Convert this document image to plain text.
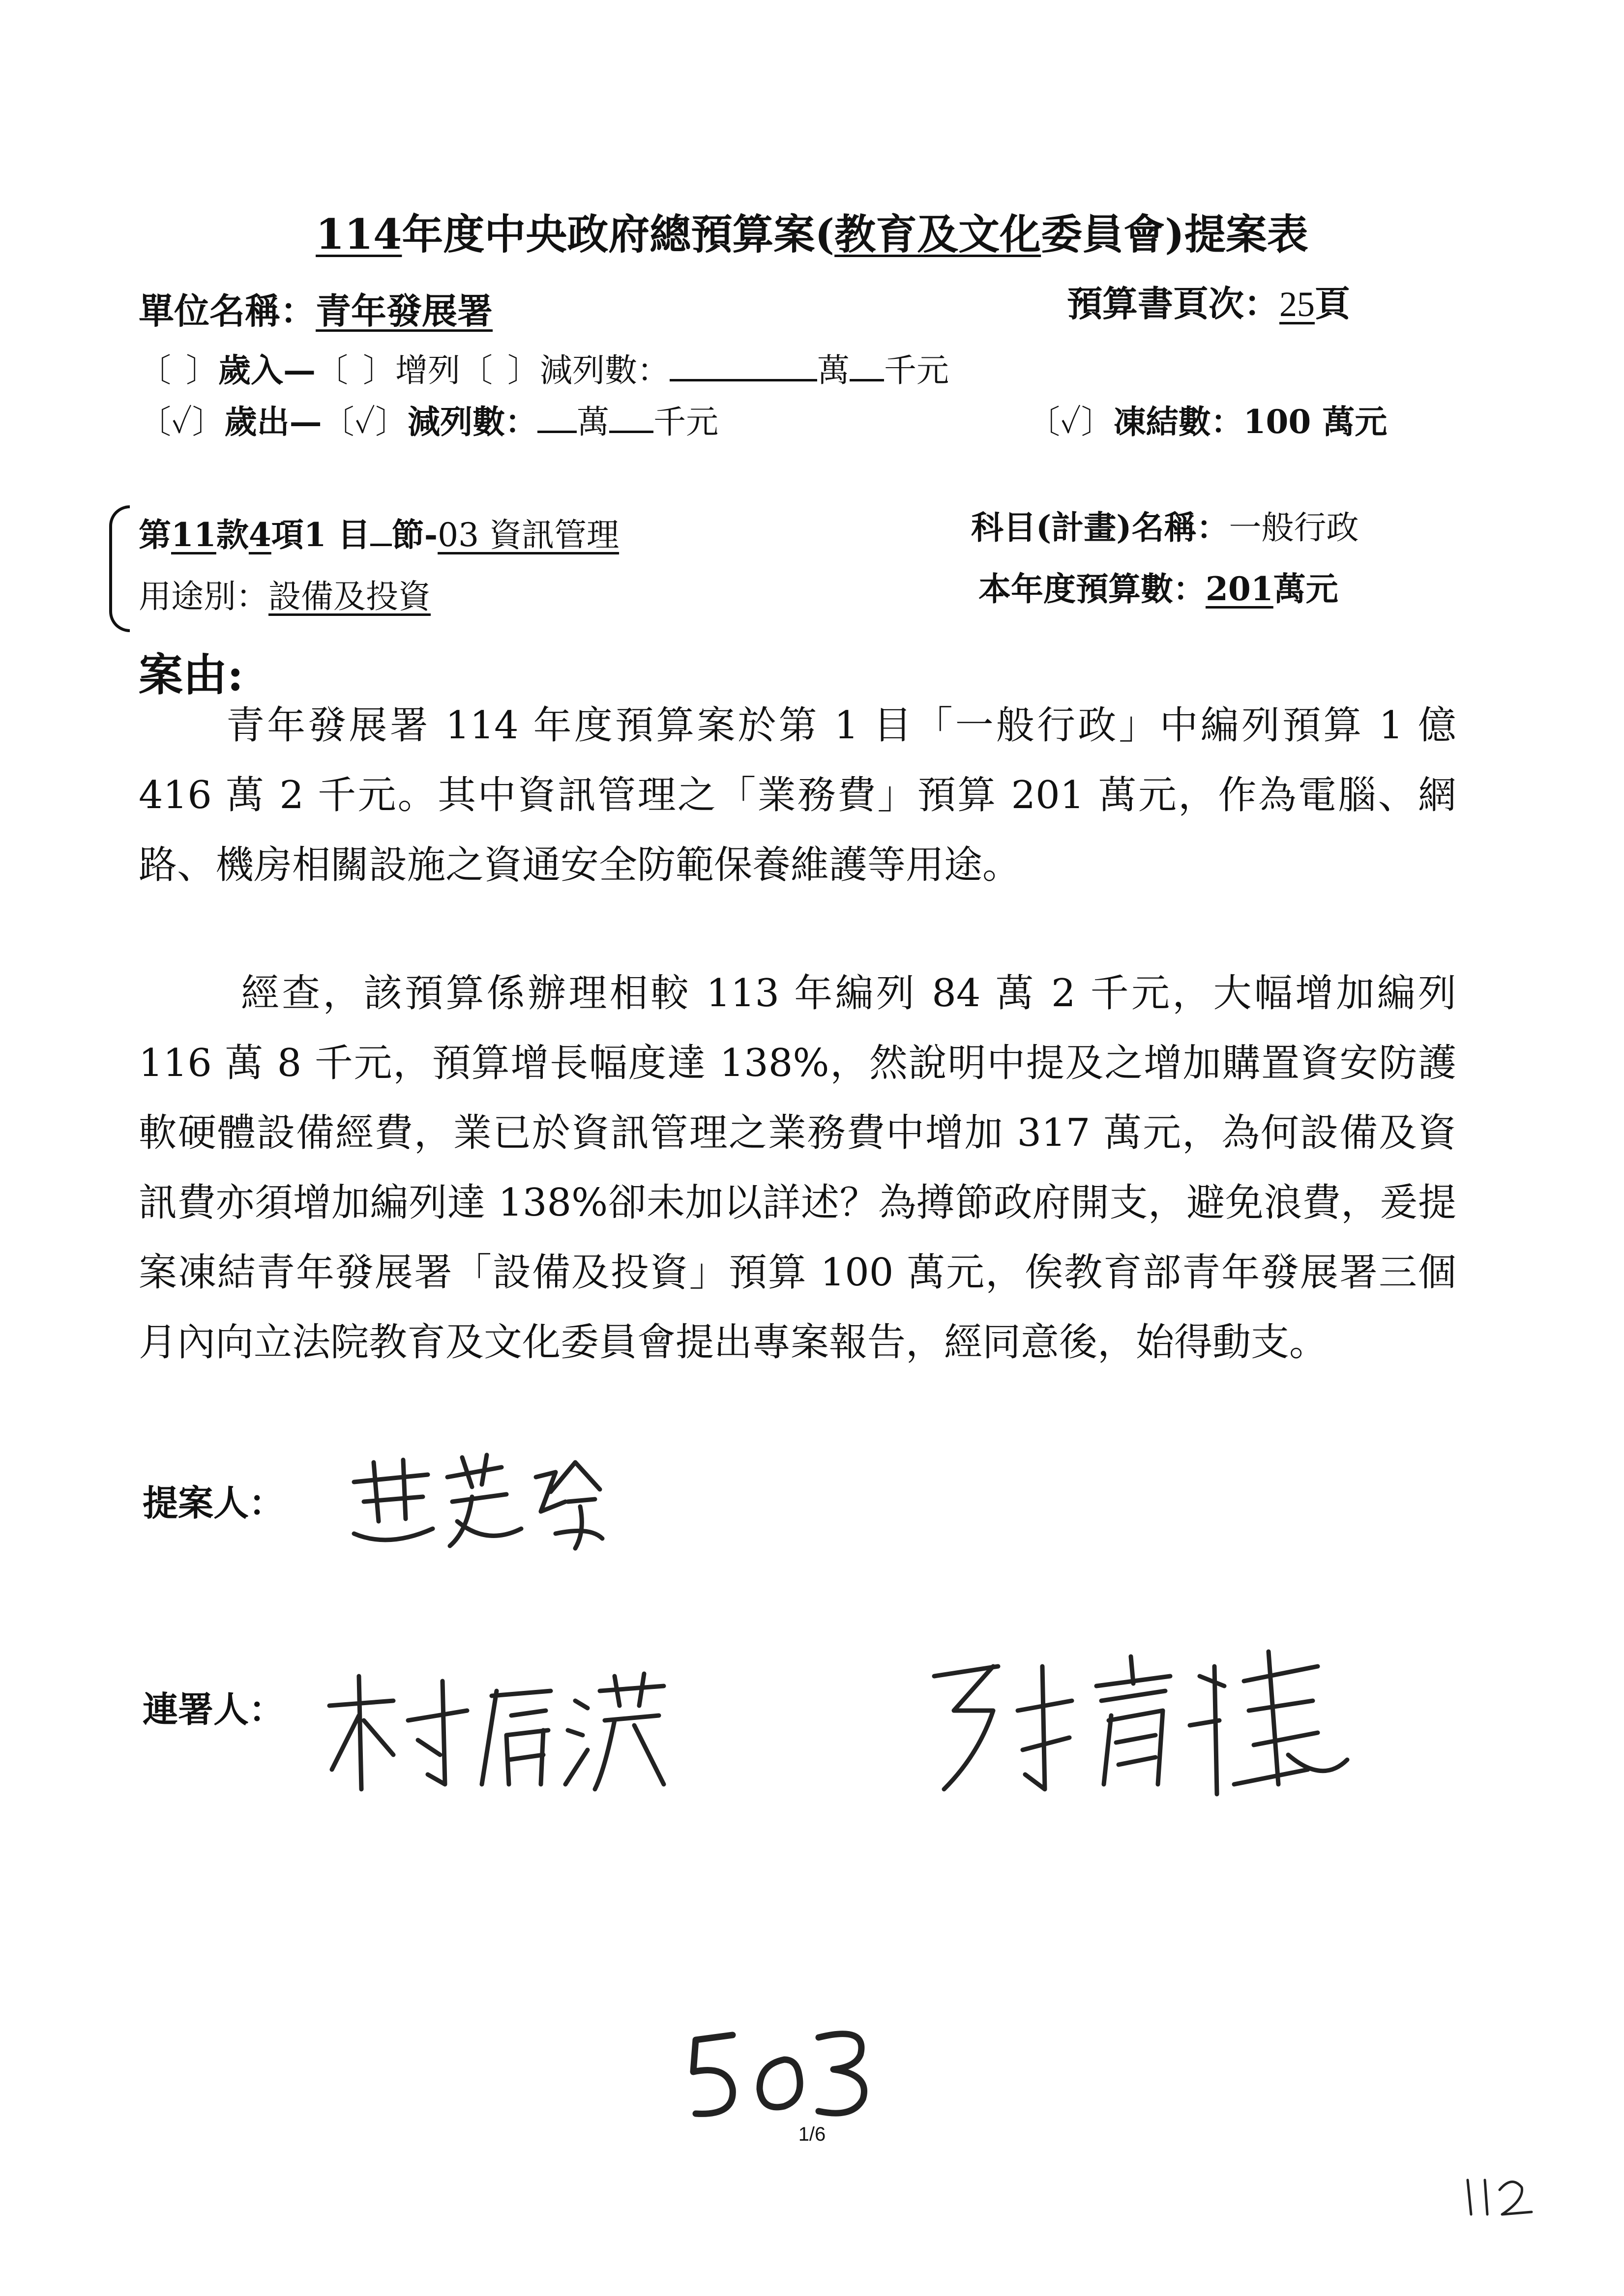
114年度中央政府總預算案(教育及文化委員會)提案表
單位名稱：青年發展署	預算書頁次：25頁
〔 〕歲入—〔 〕增列〔 〕減列數：	萬 千元
〔✓〕歲出—〔✓〕減列數： 萬 千元	〔✓〕凍結數：100 萬元
第11款4項1 目 節-03 資訊管理
用途別：設備及投資
科目(計畫)名稱：一般行政
本年度預算數：201萬元
案由:
青年發展署 114 年度預算案於第 1 目「一般行政」中編列預算 1 億 416 萬 2 千元。其中資訊管理之「業務費」預算 201 萬元，作為電腦、網路、機房相關設施之資通安全防範保養維護等用途。
經查，該預算係辦理相較 113 年編列 84 萬 2 千元，大幅增加編列 116 萬 8 千元，預算增長幅度達 138%，然說明中提及之增加購置資安防護軟硬體設備經費，業已於資訊管理之業務費中增加 317 萬元，為何設備及資訊費亦須增加編列達 138%卻未加以詳述？為撙節政府開支，避免浪費，爰提案凍結青年發展署「設備及投資」預算 100 萬元，俟教育部青年發展署三個月內向立法院教育及文化委員會提出專案報告，經同意後，始得動支。
提案人：
連署人：
503
1/6
112
